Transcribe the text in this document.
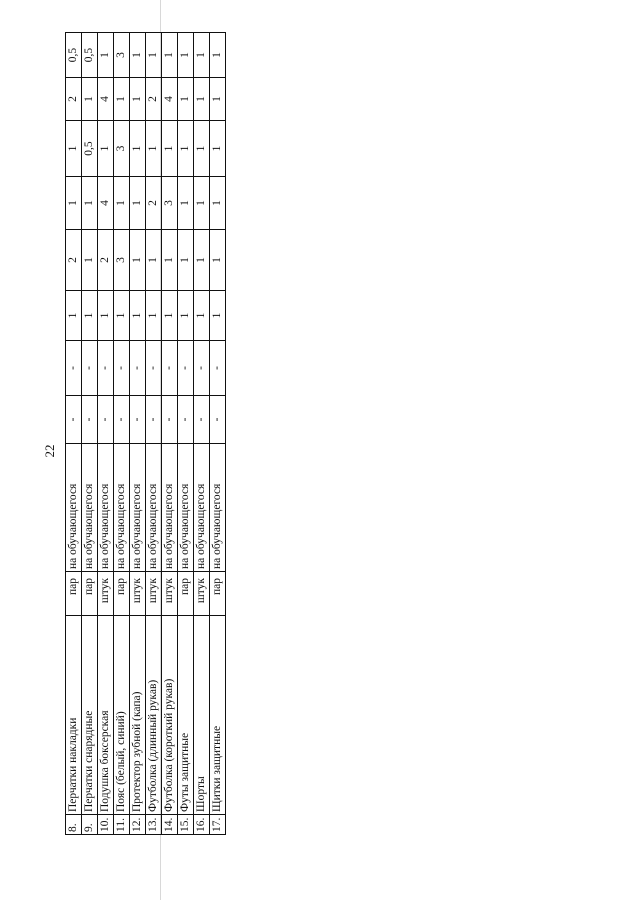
22
8.	Перчатки накладки	пар	на обучающегося	-	-	1	2	1	1	2	0,5
9.	Перчатки снарядные	пар	на обучающегося	-	-	1	1	1	0,5	1	0,5
10.	Подушка боксерская	штук	на обучающегося	-	-	1	2	4	1	4	1
11.	Пояс (белый, синий)	пар	на обучающегося	-	-	1	3	1	3	1	3
12.	Протектор зубной (капа)	штук	на обучающегося	-	-	1	1	1	1	1	1
13.	Футболка (длинный рукав)	штук	на обучающегося	-	-	1	1	2	1	2	1
14.	Футболка (короткий рукав)	штук	на обучающегося	-	-	1	1	3	1	4	1
15.	Футы защитные	пар	на обучающегося	-	-	1	1	1	1	1	1
16.	Шорты	штук	на обучающегося	-	-	1	1	1	1	1	1
17.	Щитки защитные	пар	на обучающегося	-	-	1	1	1	1	1	1
